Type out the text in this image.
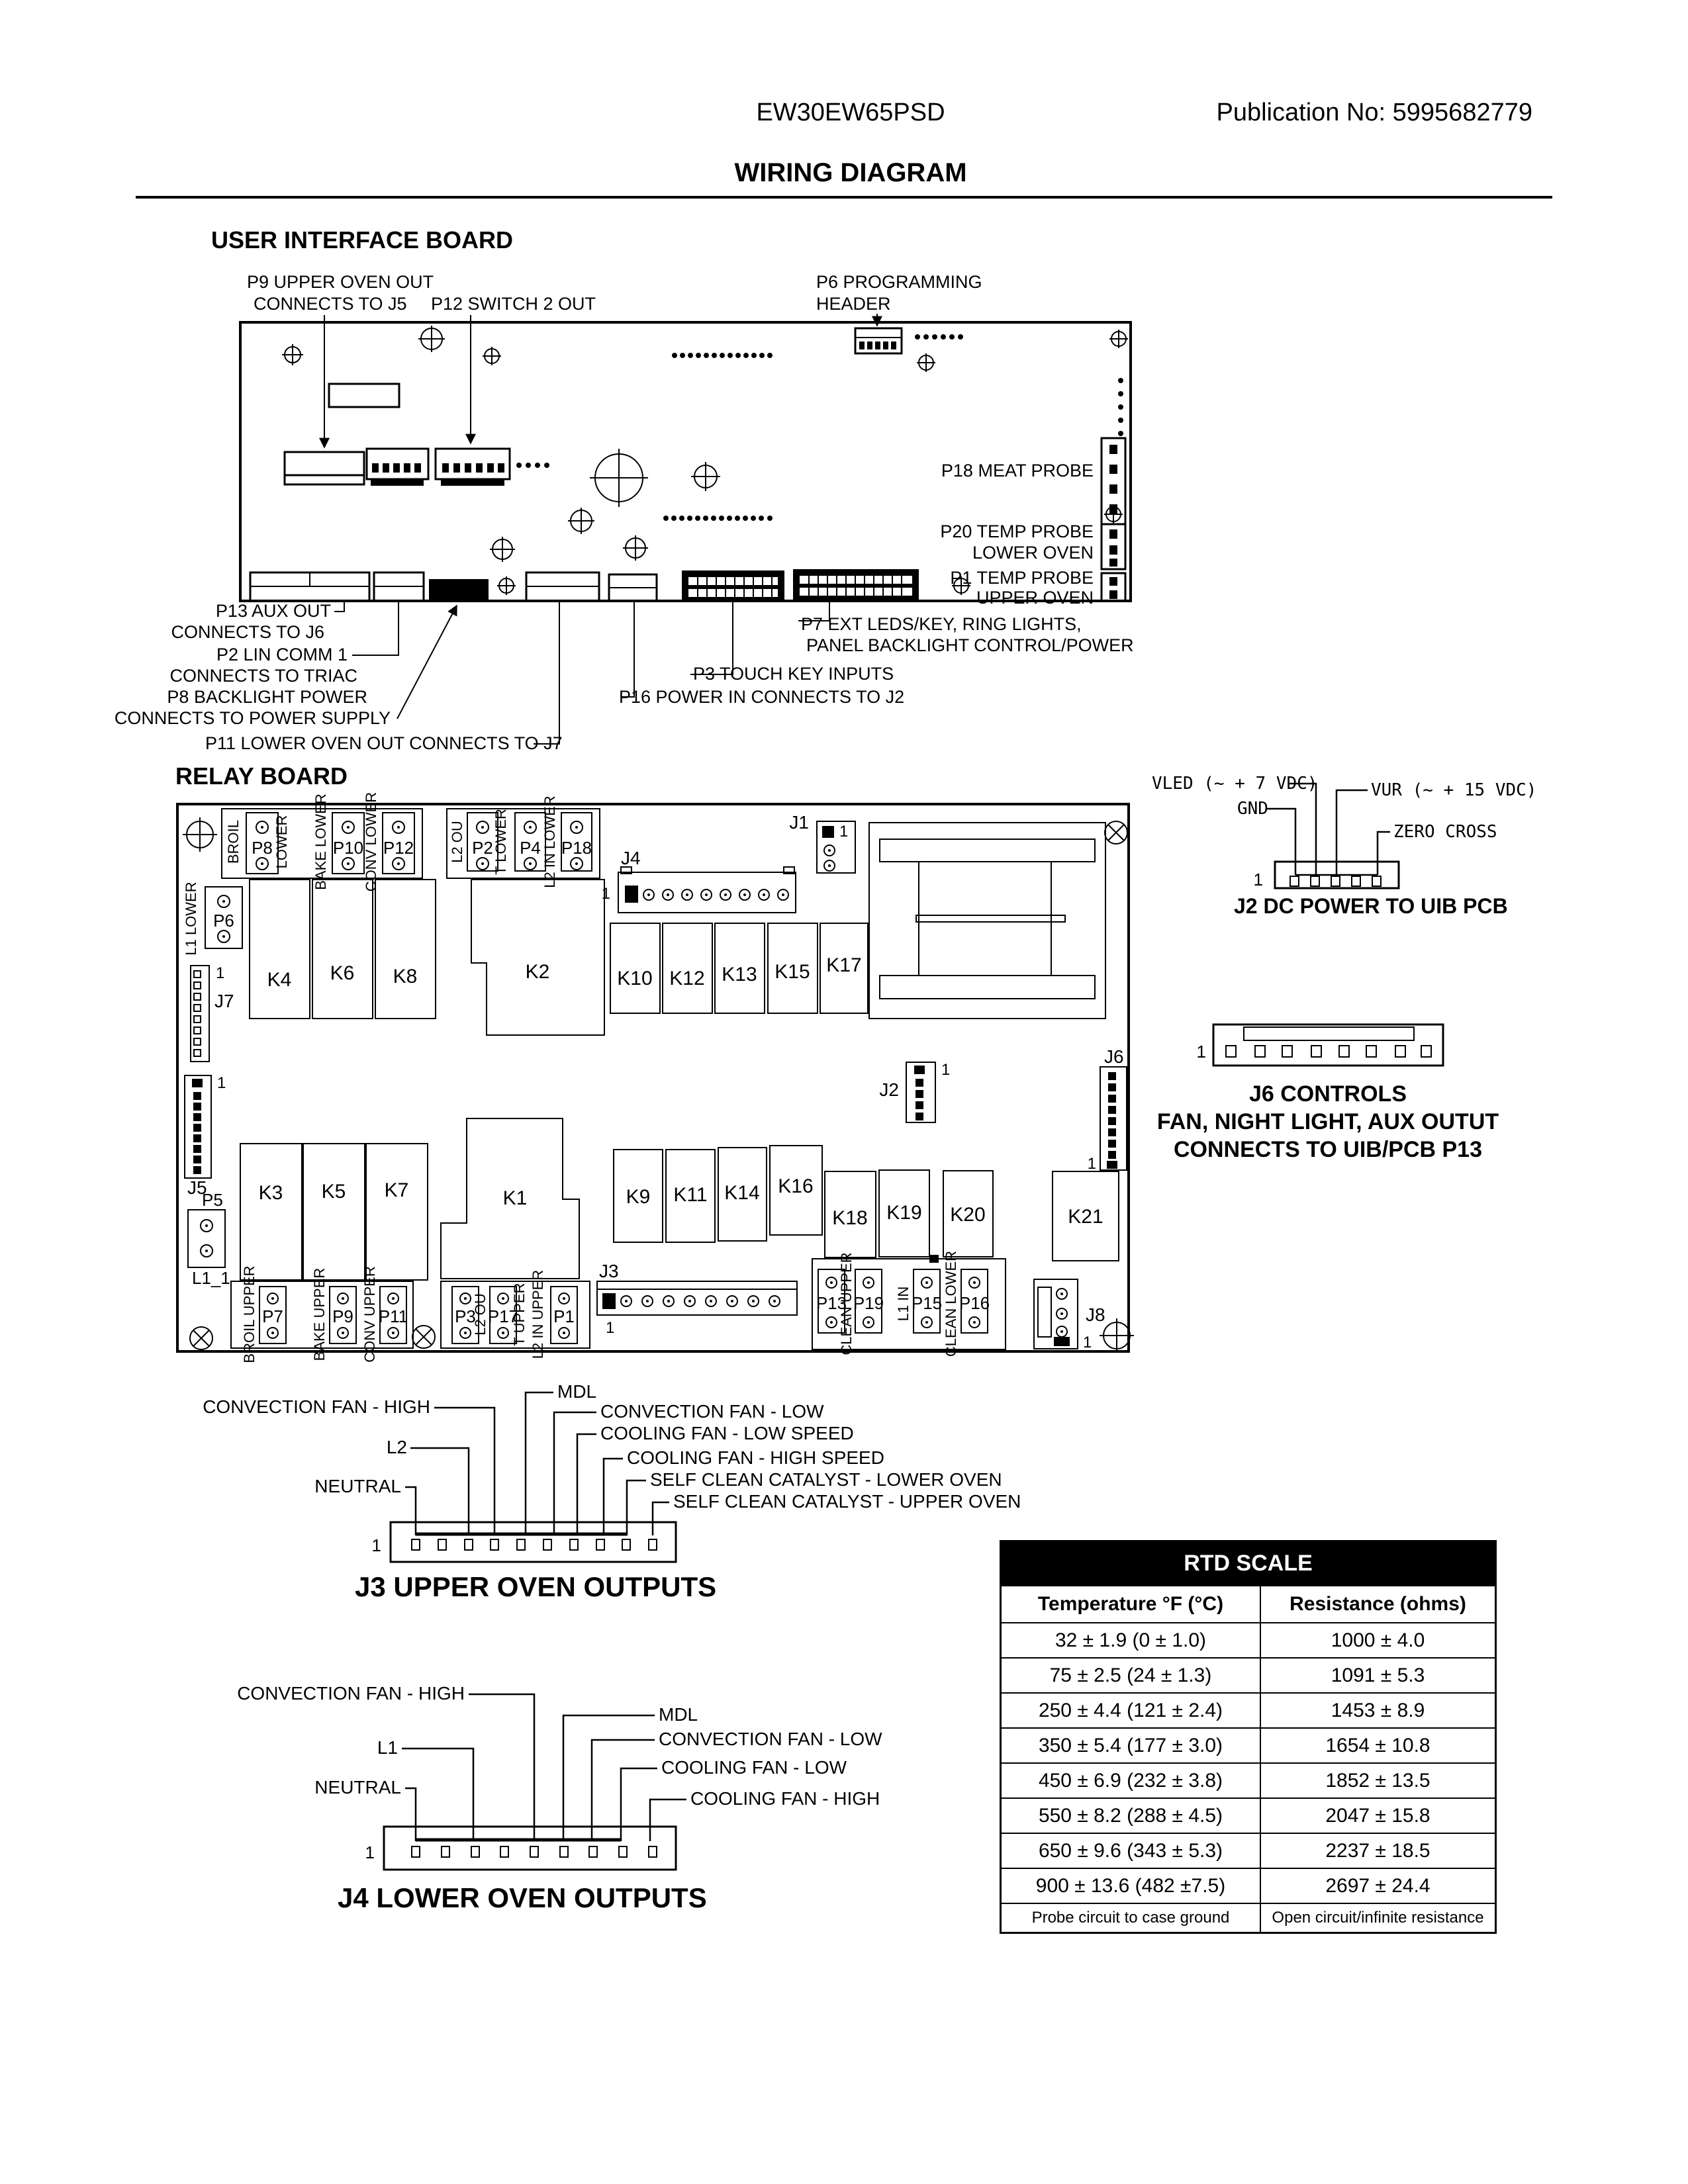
EW30EW65PSD	Publication No: 5995682779
WIRING DIAGRAM
USER INTERFACE BOARD
P9 UPPER OVEN OUT
CONNECTS TO J5 P12 SWITCH 2 OUT
P6 PROGRAMMING
HEADER
P18 MEAT PROBE
P20 TEMP PROBE
LOWER OVEN
P1 TEMP PROBE
UPPER OVEN
P13 AUX OUT
CONNECTS TO J6
P2 LIN COMM 1
CONNECTS TO TRIAC
P8 BACKLIGHT POWER
CONNECTS TO POWER SUPPLY
P11 LOWER OVEN OUT CONNECTS TO J7
P7 EXT LEDS/KEY, RING LIGHTS,
PANEL BACKLIGHT CONTROL/POWER
P3 TOUCH KEY INPUTS
P16 POWER IN CONNECTS TO J2
RELAY BOARD
BROIL P8 LOWER BAKE LOWER P10
CONV LOWER P12 L2 OU P2 T LOWER P4 L2 IN LOWER P18
J1 1
J4
1
K4 K6 K8	K2	K10 K12 K13 K15 K17
K3 K5 K7	K1	K9 K11 K14 K16
K18 K19 K20	K21
L1 LOWER P6
1
J7
1
J5
P5
L1_1
J2
1
J6
1
J3
1
BROIL UPPER P7 BAKE UPPER P9 CONV UPPER P11	P3
L2 OU
P17
T UPPER L2 IN UPPER P1
P13
CLEAN UPPER
P19 L1 IN P15 CLEAN LOWER P16
J8
1
VLED (~ + 7 VDC)
GND
VUR (~ + 15 VDC)
ZERO CROSS
1
J2 DC POWER TO UIB PCB
1
J6 CONTROLS
FAN, NIGHT LIGHT, AUX OUTUT
CONNECTS TO UIB/PCB P13
MDL
CONVECTION FAN - HIGH	CONVECTION FAN - LOW
COOLING FAN - LOW SPEED
COOLING FAN - HIGH SPEED
SELF CLEAN CATALYST - LOWER OVEN
SELF CLEAN CATALYST - UPPER OVEN
L2
NEUTRAL
1
J3 UPPER OVEN OUTPUTS
CONVECTION FAN - HIGH
MDL
CONVECTION FAN - LOW
L1
COOLING FAN - LOW
NEUTRAL
COOLING FAN - HIGH
1
J4 LOWER OVEN OUTPUTS
RTD SCALE
Temperature °F (°C)	Resistance (ohms)
32 ± 1.9 (0 ± 1.0)	1000 ± 4.0
75 ± 2.5 (24 ± 1.3)	1091 ± 5.3
250 ± 4.4 (121 ± 2.4)	1453 ± 8.9
350 ± 5.4 (177 ± 3.0)	1654 ± 10.8
450 ± 6.9 (232 ± 3.8)	1852 ± 13.5
550 ± 8.2 (288 ± 4.5)	2047 ± 15.8
650 ± 9.6 (343 ± 5.3)	2237 ± 18.5
900 ± 13.6 (482 ±7.5)	2697 ± 24.4
Probe circuit to case ground	Open circuit/infinite resistance
